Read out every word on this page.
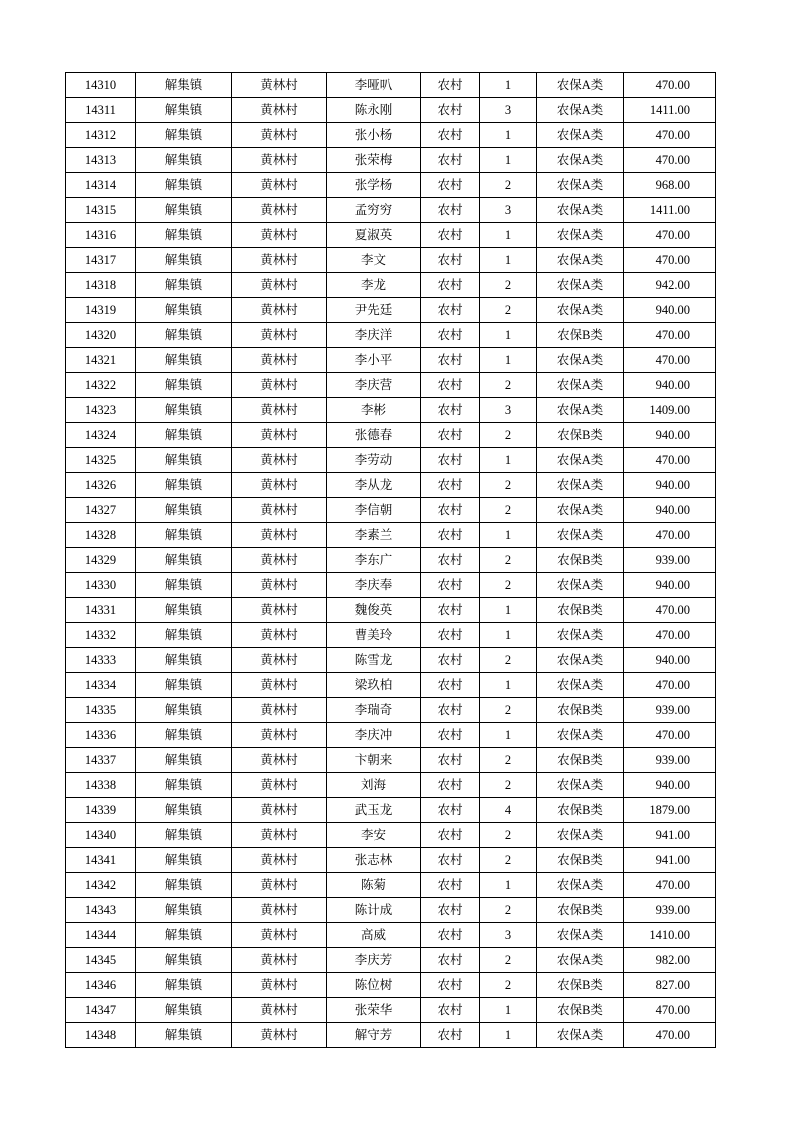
14310	解集镇	黄林村	李哑叭	农村	1	农保A类	470.00
14311	解集镇	黄林村	陈永刚	农村	3	农保A类	1411.00
14312	解集镇	黄林村	张小杨	农村	1	农保A类	470.00
14313	解集镇	黄林村	张荣梅	农村	1	农保A类	470.00
14314	解集镇	黄林村	张学杨	农村	2	农保A类	968.00
14315	解集镇	黄林村	孟穷穷	农村	3	农保A类	1411.00
14316	解集镇	黄林村	夏淑英	农村	1	农保A类	470.00
14317	解集镇	黄林村	李文	农村	1	农保A类	470.00
14318	解集镇	黄林村	李龙	农村	2	农保A类	942.00
14319	解集镇	黄林村	尹先廷	农村	2	农保A类	940.00
14320	解集镇	黄林村	李庆洋	农村	1	农保B类	470.00
14321	解集镇	黄林村	李小平	农村	1	农保A类	470.00
14322	解集镇	黄林村	李庆营	农村	2	农保A类	940.00
14323	解集镇	黄林村	李彬	农村	3	农保A类	1409.00
14324	解集镇	黄林村	张德春	农村	2	农保B类	940.00
14325	解集镇	黄林村	李劳动	农村	1	农保A类	470.00
14326	解集镇	黄林村	李从龙	农村	2	农保A类	940.00
14327	解集镇	黄林村	李信朝	农村	2	农保A类	940.00
14328	解集镇	黄林村	李素兰	农村	1	农保A类	470.00
14329	解集镇	黄林村	李东广	农村	2	农保B类	939.00
14330	解集镇	黄林村	李庆奉	农村	2	农保A类	940.00
14331	解集镇	黄林村	魏俊英	农村	1	农保B类	470.00
14332	解集镇	黄林村	曹美玲	农村	1	农保A类	470.00
14333	解集镇	黄林村	陈雪龙	农村	2	农保A类	940.00
14334	解集镇	黄林村	梁玖柏	农村	1	农保A类	470.00
14335	解集镇	黄林村	李瑞奇	农村	2	农保B类	939.00
14336	解集镇	黄林村	李庆冲	农村	1	农保A类	470.00
14337	解集镇	黄林村	卞朝来	农村	2	农保B类	939.00
14338	解集镇	黄林村	刘海	农村	2	农保A类	940.00
14339	解集镇	黄林村	武玉龙	农村	4	农保B类	1879.00
14340	解集镇	黄林村	李安	农村	2	农保A类	941.00
14341	解集镇	黄林村	张志林	农村	2	农保B类	941.00
14342	解集镇	黄林村	陈菊	农村	1	农保A类	470.00
14343	解集镇	黄林村	陈计成	农村	2	农保B类	939.00
14344	解集镇	黄林村	高威	农村	3	农保A类	1410.00
14345	解集镇	黄林村	李庆芳	农村	2	农保A类	982.00
14346	解集镇	黄林村	陈位树	农村	2	农保B类	827.00
14347	解集镇	黄林村	张荣华	农村	1	农保B类	470.00
14348	解集镇	黄林村	解守芳	农村	1	农保A类	470.00
